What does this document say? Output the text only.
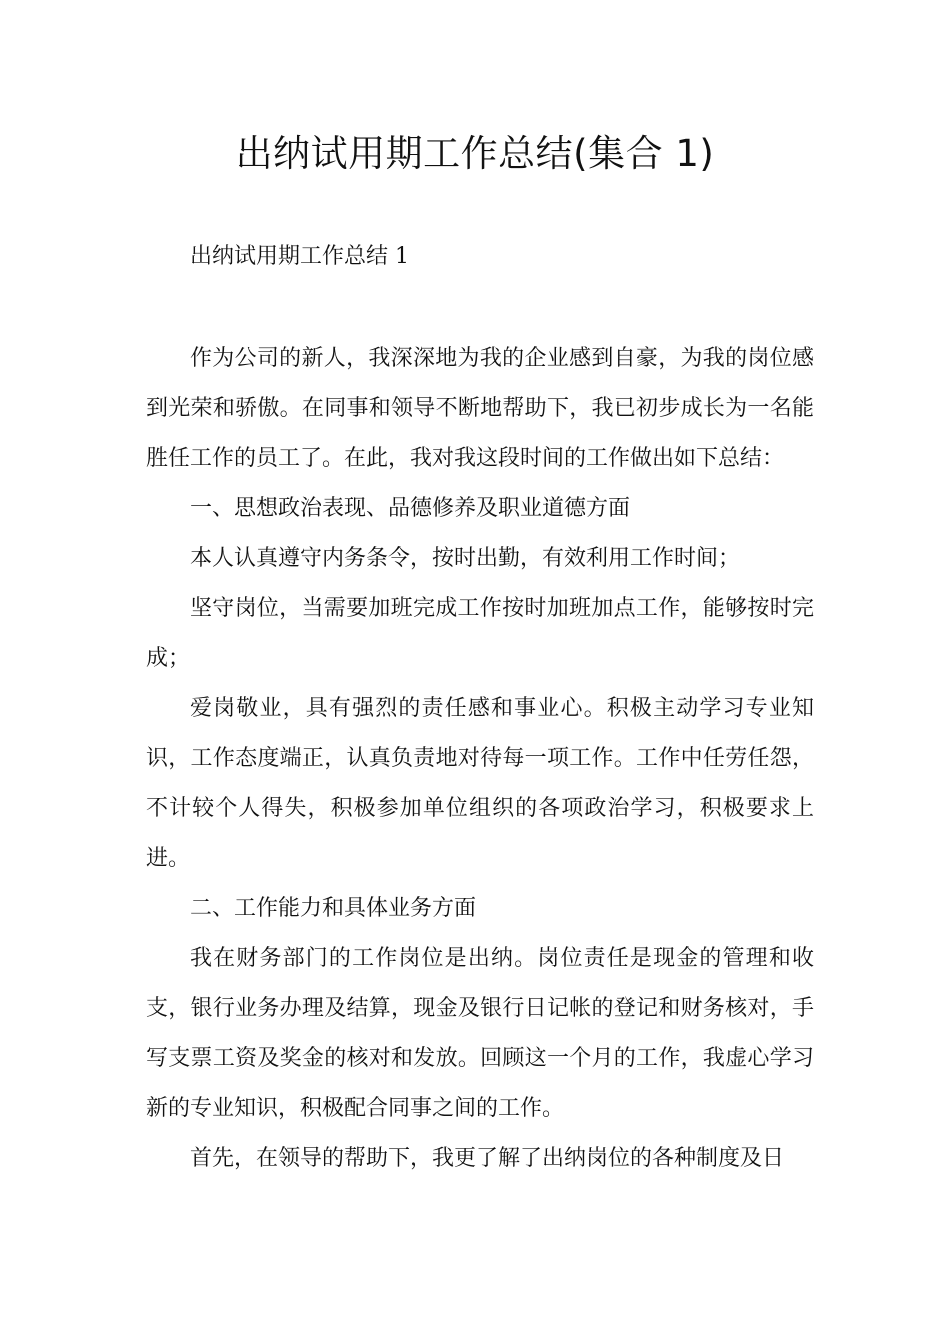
出纳试用期工作总结(集合 1)

出纳试用期工作总结 1

作为公司的新人，我深深地为我的企业感到自豪，为我的岗位感到光荣和骄傲。在同事和领导不断地帮助下，我已初步成长为一名能胜任工作的员工了。在此，我对我这段时间的工作做出如下总结：

一、思想政治表现、品德修养及职业道德方面

本人认真遵守内务条令，按时出勤，有效利用工作时间；

坚守岗位，当需要加班完成工作按时加班加点工作，能够按时完成；

爱岗敬业，具有强烈的责任感和事业心。积极主动学习专业知识，工作态度端正，认真负责地对待每一项工作。工作中任劳任怨，不计较个人得失，积极参加单位组织的各项政治学习，积极要求上进。

二、工作能力和具体业务方面

我在财务部门的工作岗位是出纳。岗位责任是现金的管理和收支，银行业务办理及结算，现金及银行日记帐的登记和财务核对，手写支票工资及奖金的核对和发放。回顾这一个月的工作，我虚心学习新的专业知识，积极配合同事之间的工作。

首先，在领导的帮助下，我更了解了出纳岗位的各种制度及日
